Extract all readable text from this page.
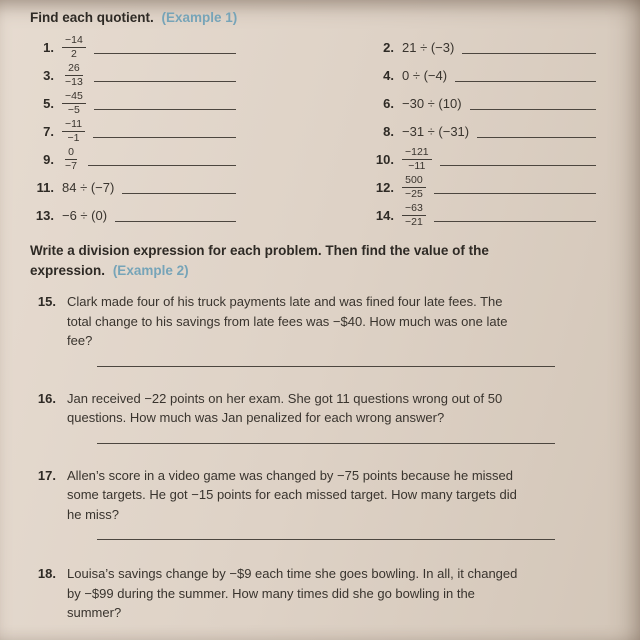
Find each quotient. (Example 1)
1. $\frac{-14}{2}$	2. 21 ÷ (−3)
3. $\frac{26}{-13}$	4. 0 ÷ (−4)
5. $\frac{-45}{-5}$	6. −30 ÷ (10)
7. $\frac{-11}{-1}$	8. −31 ÷ (−31)
9. $\frac{0}{-7}$	10. $\frac{-121}{-11}$
11. 84 ÷ (−7)	12. $\frac{500}{-25}$
13. −6 ÷ (0)	14. $\frac{-63}{-21}$
Write a division expression for each problem. Then find the value of the expression. (Example 2)
15. Clark made four of his truck payments late and was fined four late fees. The total change to his savings from late fees was −$40. How much was one late fee?
16. Jan received −22 points on her exam. She got 11 questions wrong out of 50 questions. How much was Jan penalized for each wrong answer?
17. Allen’s score in a video game was changed by −75 points because he missed some targets. He got −15 points for each missed target. How many targets did he miss?
18. Louisa’s savings change by −$9 each time she goes bowling. In all, it changed by −$99 during the summer. How many times did she go bowling in the summer?
